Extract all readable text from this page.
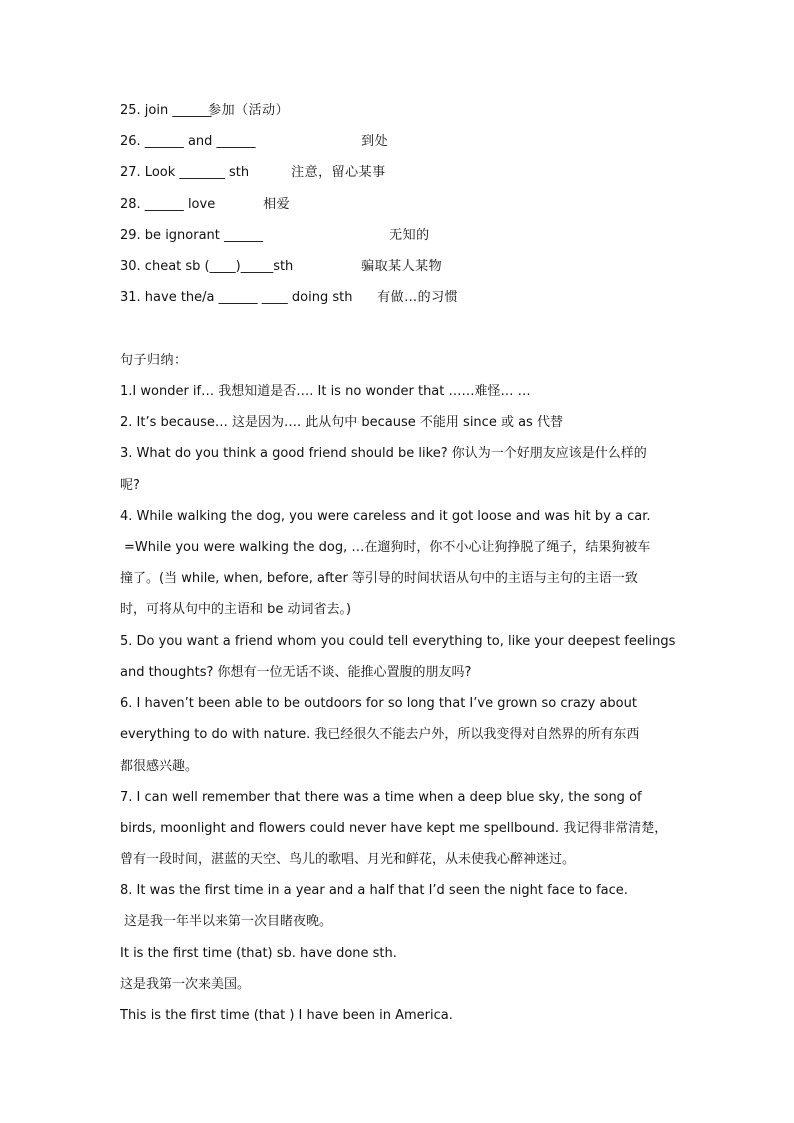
25. join ______ 参加（活动）
26. ______ and ______	到处
27. Look _______ sth	注意，留心某事
28. ______ love	相爱
29. be ignorant ______	无知的
30. cheat sb (____)_____sth	骗取某人某物
31. have the/a ______ ____ doing sth 有做…的习惯
句子归纳：
1.I wonder if… 我想知道是否…. It is no wonder that ……难怪… …
2. It’s because… 这是因为…. 此从句中 because 不能用 since 或 as 代替
3. What do you think a good friend should be like? 你认为一个好朋友应该是什么样的
呢?
4. While walking the dog, you were careless and it got loose and was hit by a car.
=While you were walking the dog, …在遛狗时，你不小心让狗挣脱了绳子，结果狗被车
撞了。(当 while, when, before, after 等引导的时间状语从句中的主语与主句的主语一致
时，可将从句中的主语和 be 动词省去。)
5. Do you want a friend whom you could tell everything to, like your deepest feelings
and thoughts? 你想有一位无话不谈、能推心置腹的朋友吗?
6. I haven’t been able to be outdoors for so long that I’ve grown so crazy about
everything to do with nature. 我已经很久不能去户外，所以我变得对自然界的所有东西
都很感兴趣。
7. I can well remember that there was a time when a deep blue sky, the song of
birds, moonlight and flowers could never have kept me spellbound. 我记得非常清楚，
曾有一段时间，湛蓝的天空、鸟儿的歌唱、月光和鲜花，从未使我心醉神迷过。
8. It was the first time in a year and a half that I’d seen the night face to face.
这是我一年半以来第一次目睹夜晚。
It is the first time (that) sb. have done sth.
这是我第一次来美国。
This is the first time (that ) I have been in America.
